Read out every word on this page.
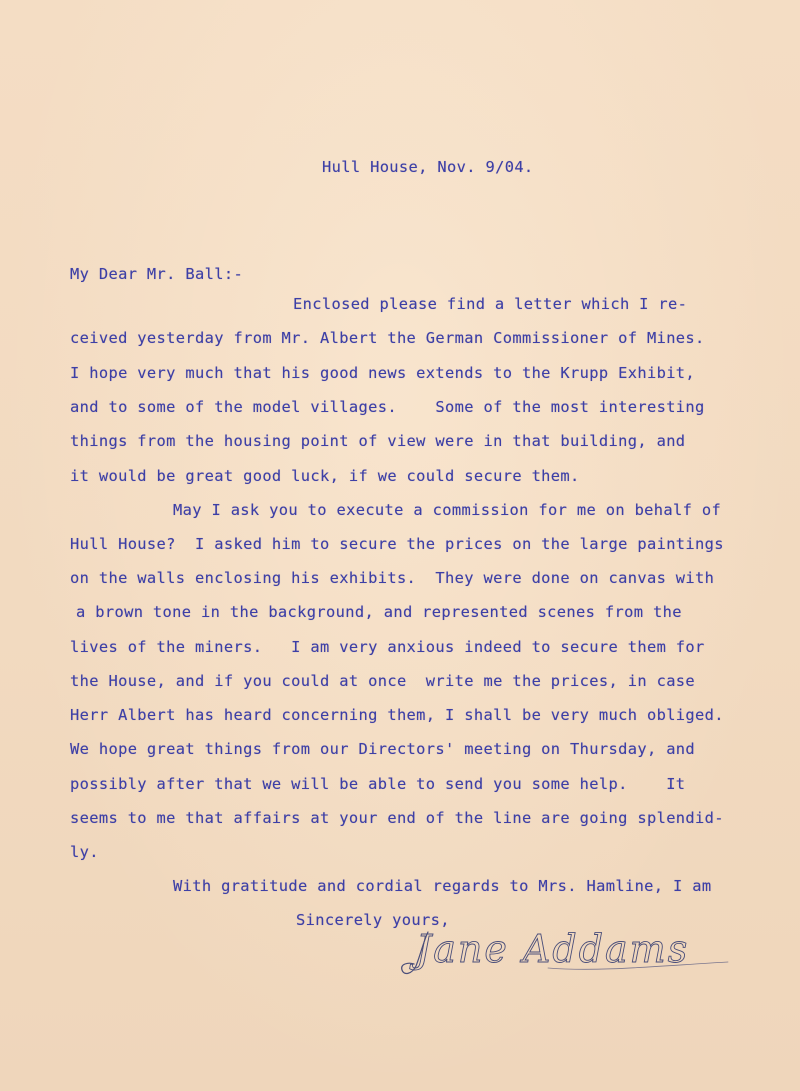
Hull House, Nov. 9/04.
My Dear Mr. Ball:-
Enclosed please find a letter which I re-
ceived yesterday from Mr. Albert the German Commissioner of Mines.
I hope very much that his good news extends to the Krupp Exhibit,
and to some of the model villages.    Some of the most interesting
things from the housing point of view were in that building, and
it would be great good luck, if we could secure them.
May I ask you to execute a commission for me on behalf of
Hull House?  I asked him to secure the prices on the large paintings
on the walls enclosing his exhibits.  They were done on canvas with
a brown tone in the background, and represented scenes from the
lives of the miners.   I am very anxious indeed to secure them for
the House, and if you could at once  write me the prices, in case
Herr Albert has heard concerning them, I shall be very much obliged.
We hope great things from our Directors' meeting on Thursday, and
possibly after that we will be able to send you some help.    It
seems to me that affairs at your end of the line are going splendid-
ly.
With gratitude and cordial regards to Mrs. Hamline, I am
Sincerely yours,
Jane Addams
